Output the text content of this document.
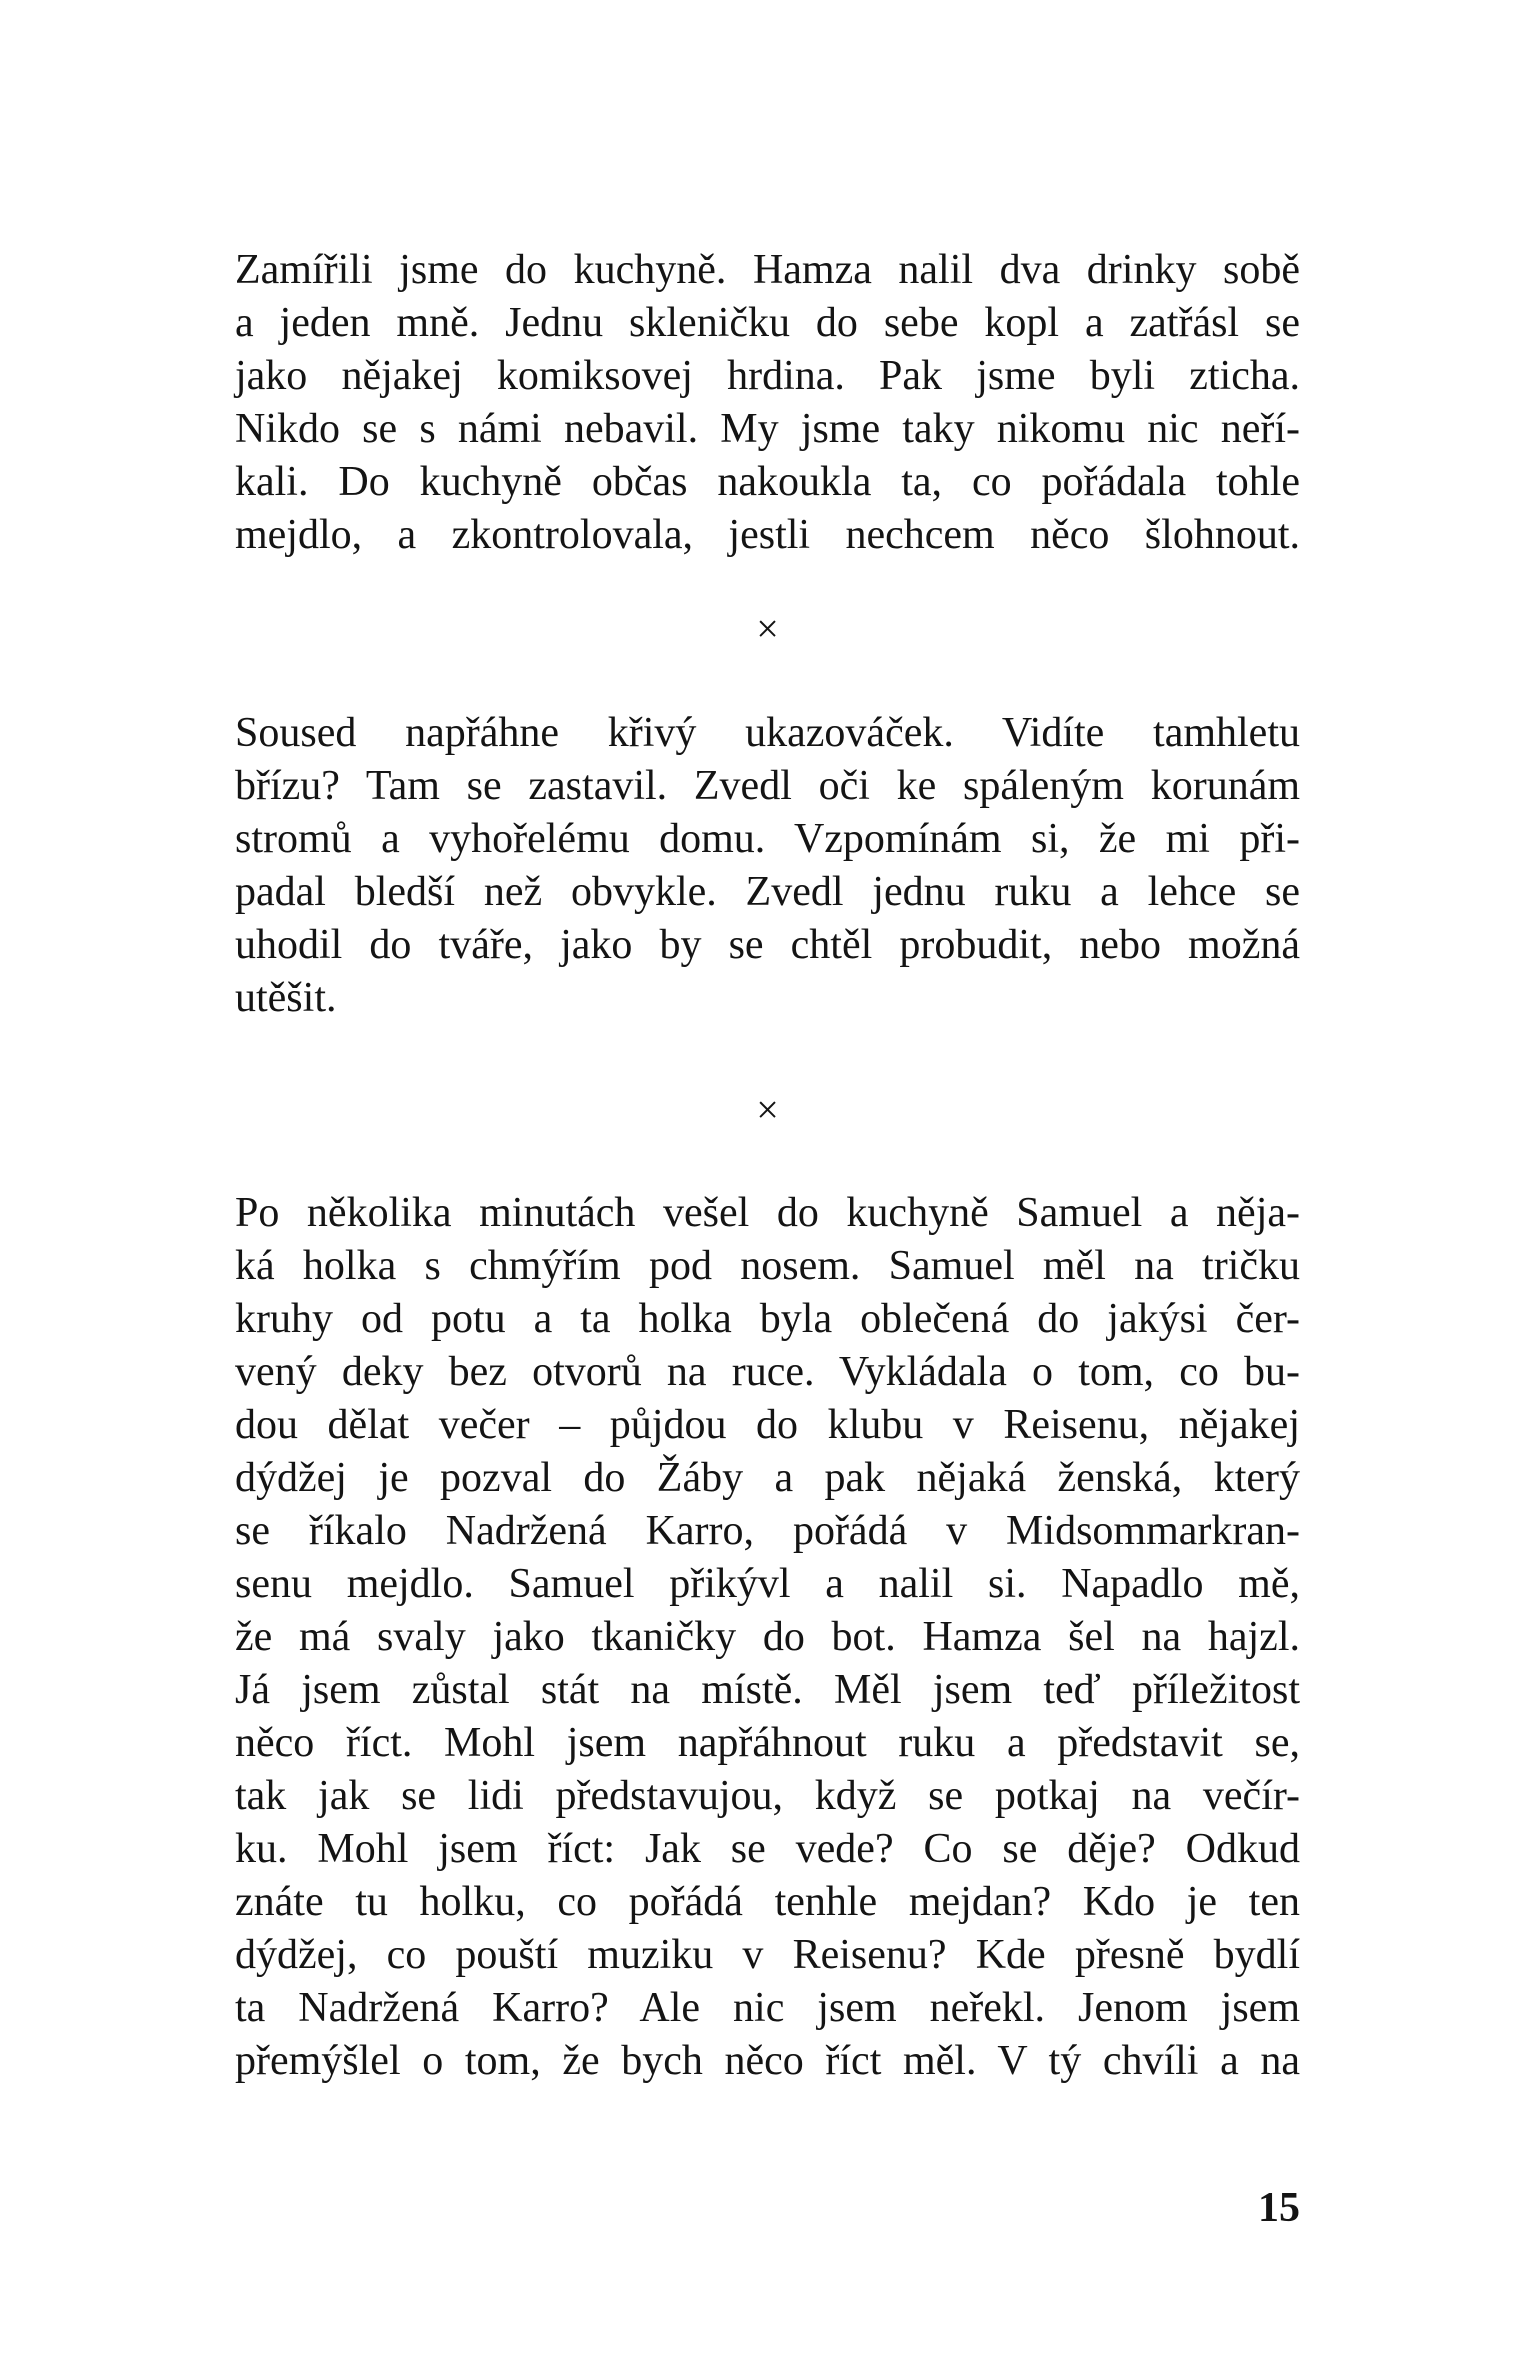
Zamířili jsme do kuchyně. Hamza nalil dva drinky sobě
a jeden mně. Jednu skleničku do sebe kopl a zatřásl se
jako nějakej komiksovej hrdina. Pak jsme byli zticha.
Nikdo se s námi nebavil. My jsme taky nikomu nic neří-
kali. Do kuchyně občas nakoukla ta, co pořádala tohle
mejdlo, a zkontrolovala, jestli nechcem něco šlohnout.
×
Soused napřáhne křivý ukazováček. Vidíte tamhletu
břízu? Tam se zastavil. Zvedl oči ke spáleným korunám
stromů a vyhořelému domu. Vzpomínám si, že mi při-
padal bledší než obvykle. Zvedl jednu ruku a lehce se
uhodil do tváře, jako by se chtěl probudit, nebo možná
utěšit.
×
Po několika minutách vešel do kuchyně Samuel a něja-
ká holka s chmýřím pod nosem. Samuel měl na tričku
kruhy od potu a ta holka byla oblečená do jakýsi čer-
vený deky bez otvorů na ruce. Vykládala o tom, co bu-
dou dělat večer – půjdou do klubu v Reisenu, nějakej
dýdžej je pozval do Žáby a pak nějaká ženská, který
se říkalo Nadržená Karro, pořádá v Midsommarkran-
senu mejdlo. Samuel přikývl a nalil si. Napadlo mě,
že má svaly jako tkaničky do bot. Hamza šel na hajzl.
Já jsem zůstal stát na místě. Měl jsem teď příležitost
něco říct. Mohl jsem napřáhnout ruku a představit se,
tak jak se lidi představujou, když se potkaj na večír-
ku. Mohl jsem říct: Jak se vede? Co se děje? Odkud
znáte tu holku, co pořádá tenhle mejdan? Kdo je ten
dýdžej, co pouští muziku v Reisenu? Kde přesně bydlí
ta Nadržená Karro? Ale nic jsem neřekl. Jenom jsem
přemýšlel o tom, že bych něco říct měl. V tý chvíli a na
15
